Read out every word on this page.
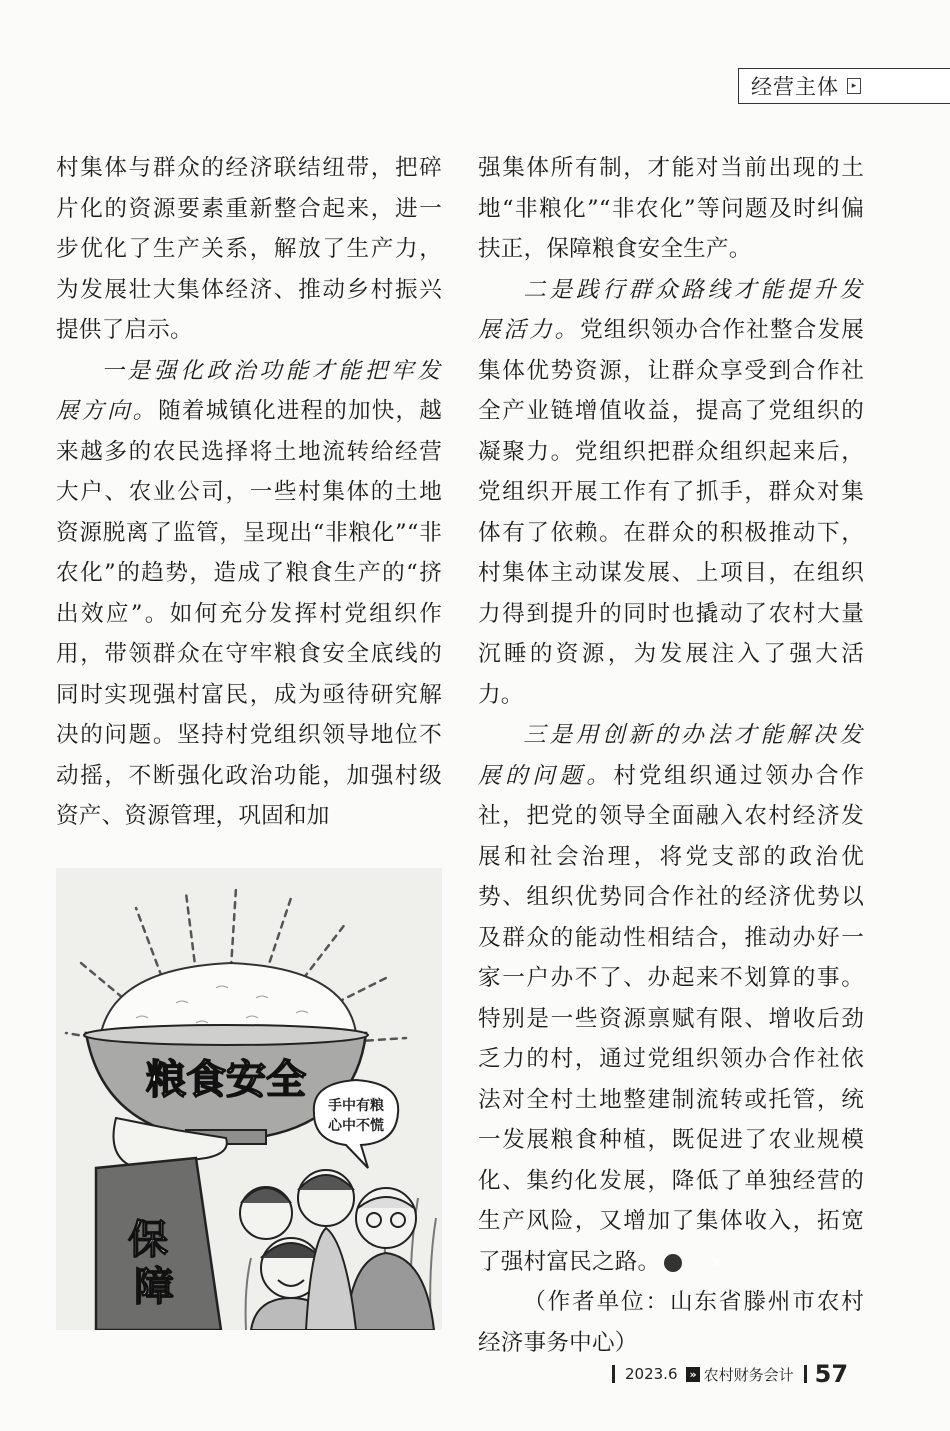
经营主体	▸

村集体与群众的经济联结纽带，把碎片化的资源要素重新整合起来，进一步优化了生产关系，解放了生产力，为发展壮大集体经济、推动乡村振兴提供了启示。

一是强化政治功能才能把牢发展方向。随着城镇化进程的加快，越来越多的农民选择将土地流转给经营大户、农业公司，一些村集体的土地资源脱离了监管，呈现出“非粮化”“非农化”的趋势，造成了粮食生产的“挤出效应”。如何充分发挥村党组织作用，带领群众在守牢粮食安全底线的同时实现强村富民，成为亟待研究解决的问题。坚持村党组织领导地位不动摇，不断强化政治功能，加强村级资产、资源管理，巩固和加

粮食安全
保
障
手中有粮
心中不慌

强集体所有制，才能对当前出现的土地“非粮化”“非农化”等问题及时纠偏扶正，保障粮食安全生产。

二是践行群众路线才能提升发展活力。党组织领办合作社整合发展集体优势资源，让群众享受到合作社全产业链增值收益，提高了党组织的凝聚力。党组织把群众组织起来后，党组织开展工作有了抓手，群众对集体有了依赖。在群众的积极推动下，村集体主动谋发展、上项目，在组织力得到提升的同时也撬动了农村大量沉睡的资源，为发展注入了强大活力。

三是用创新的办法才能解决发展的问题。村党组织通过领办合作社，把党的领导全面融入农村经济发展和社会治理，将党支部的政治优势、组织优势同合作社的经济优势以及群众的能动性相结合，推动办好一家一户办不了、办起来不划算的事。特别是一些资源禀赋有限、增收后劲乏力的村，通过党组织领办合作社依法对全村土地整建制流转或托管，统一发展粮食种植，既促进了农业规模化、集约化发展，降低了单独经营的生产风险，又增加了集体收入，拓宽了强村富民之路。	CK

（作者单位：山东省滕州市农村经济事务中心）

2023.6	» 农村财务会计 57
